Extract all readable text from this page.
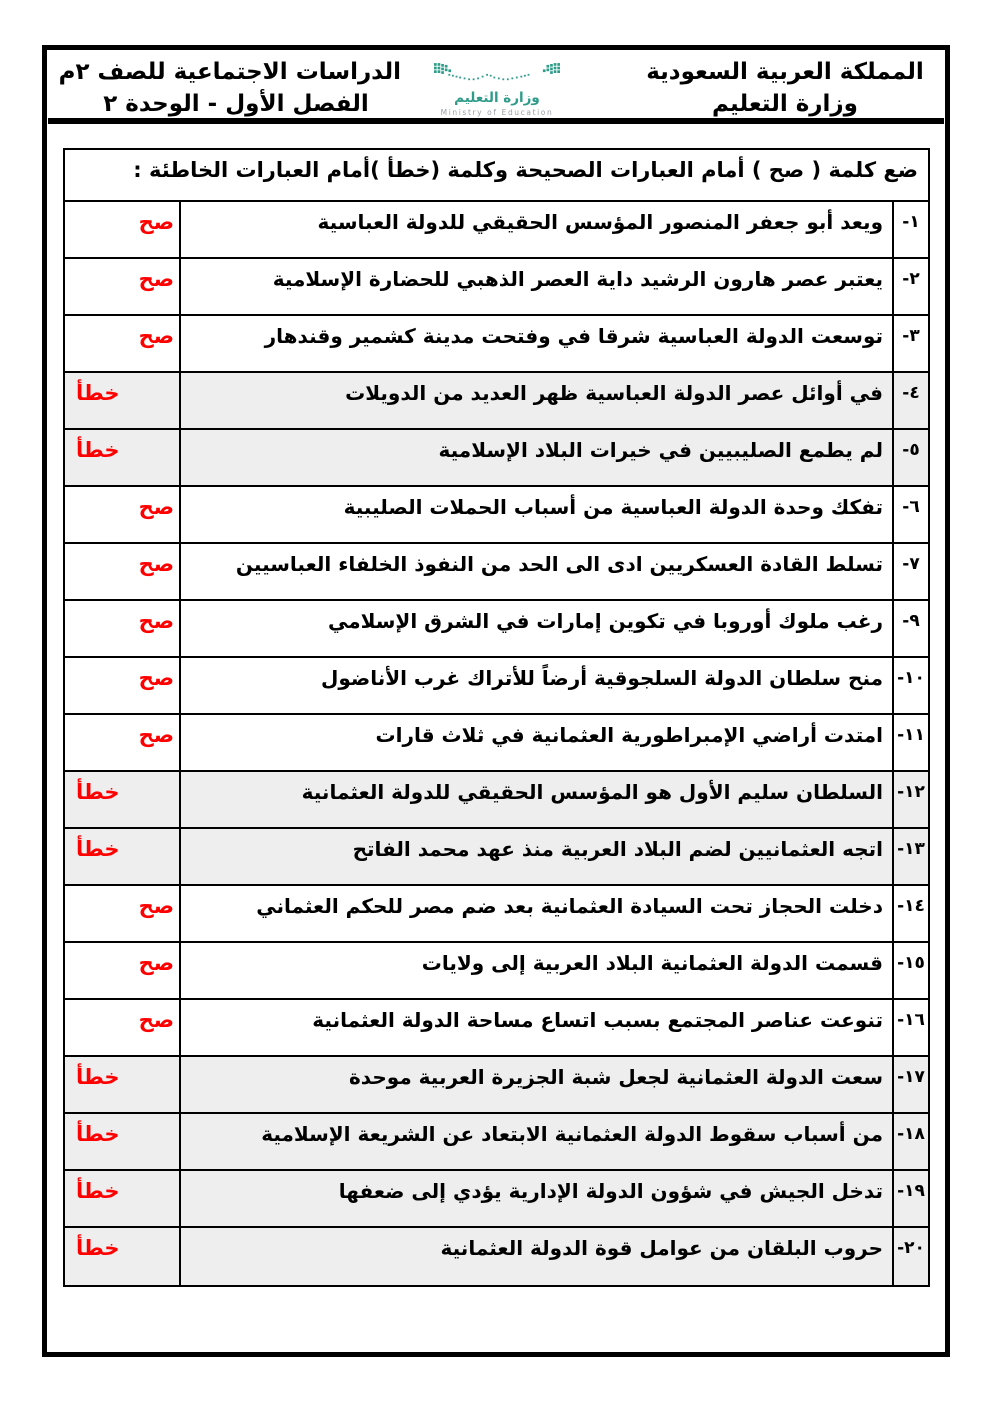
المملكة العربية السعودية
وزارة التعليم
وزارة التعليم
Ministry of Education
الدراسات الاجتماعية للصف ٢م
الفصل الأول - الوحدة ٢
ضع كلمة ( صح ) أمام العبارات الصحيحة وكلمة (خطأ )أمام العبارات الخاطئة :
١-
ويعد أبو جعفر المنصور المؤسس الحقيقي للدولة العباسية
صح
٢-
يعتبر عصر هارون الرشيد داية العصر الذهبي للحضارة الإسلامية
صح
٣-
توسعت الدولة العباسية شرقا في وفتحت مدينة كشمير وقندهار
صح
٤-
في أوائل عصر الدولة العباسية ظهر العديد من الدويلات
خطأ
٥-
لم يطمع الصليبيين في خيرات البلاد الإسلامية
خطأ
٦-
تفكك وحدة الدولة العباسية من أسباب الحملات الصليبية
صح
٧-
تسلط القادة العسكريين ادى الى الحد من النفوذ الخلفاء العباسيين
صح
٩-
رغب ملوك أوروبا في تكوين إمارات في الشرق الإسلامي
صح
١٠-
منح سلطان الدولة السلجوقية أرضاً للأتراك غرب الأناضول
صح
١١-
امتدت أراضي الإمبراطورية العثمانية في ثلاث قارات
صح
١٢-
السلطان سليم الأول هو المؤسس الحقيقي للدولة العثمانية
خطأ
١٣-
اتجه العثمانيين لضم البلاد العربية منذ عهد محمد الفاتح
خطأ
١٤-
دخلت الحجاز تحت السيادة العثمانية بعد ضم مصر للحكم العثماني
صح
١٥-
قسمت الدولة العثمانية البلاد العربية إلى ولايات
صح
١٦-
تنوعت عناصر المجتمع بسبب اتساع مساحة الدولة العثمانية
صح
١٧-
سعت الدولة العثمانية لجعل شبة الجزيرة العربية موحدة
خطأ
١٨-
من أسباب سقوط الدولة العثمانية الابتعاد عن الشريعة الإسلامية
خطأ
١٩-
تدخل الجيش في شؤون الدولة الإدارية يؤدي إلى ضعفها
خطأ
٢٠-
حروب البلقان من عوامل قوة الدولة العثمانية
خطأ
